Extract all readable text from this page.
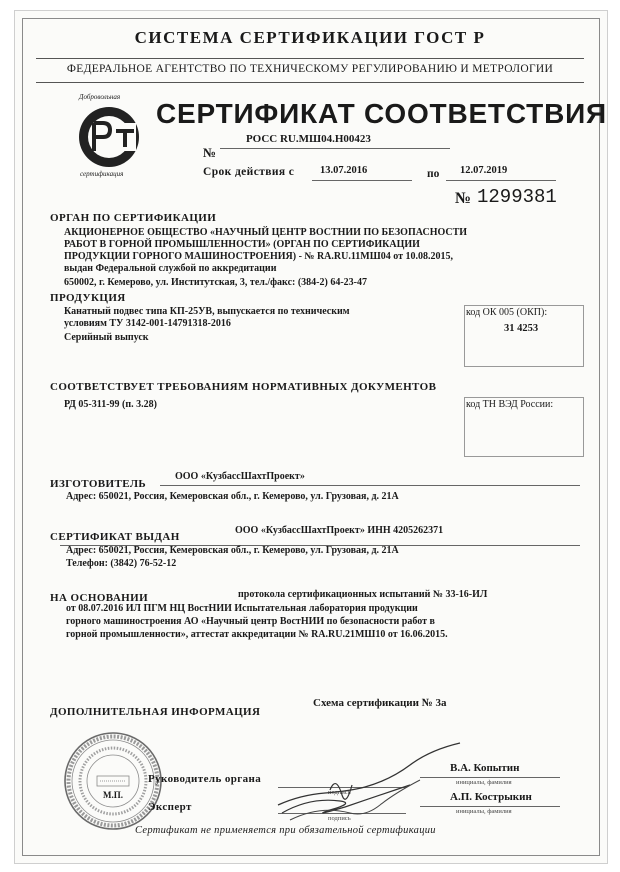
СИСТЕМА СЕРТИФИКАЦИИ ГОСТ Р
ФЕДЕРАЛЬНОЕ АГЕНТСТВО ПО ТЕХНИЧЕСКОМУ РЕГУЛИРОВАНИЮ И МЕТРОЛОГИИ
Добровольная
сертификация
СЕРТИФИКАТ СООТВЕТСТВИЯ
№
РОСС RU.МШ04.Н00423
Срок действия с 13.07.2016	по 12.07.2019
№ 1299381
ОРГАН ПО СЕРТИФИКАЦИИ
АКЦИОНЕРНОЕ ОБЩЕСТВО «НАУЧНЫЙ ЦЕНТР ВОСТНИИ ПО БЕЗОПАСНОСТИ
РАБОТ В ГОРНОЙ ПРОМЫШЛЕННОСТИ» (ОРГАН ПО СЕРТИФИКАЦИИ
ПРОДУКЦИИ ГОРНОГО МАШИНОСТРОЕНИЯ) - № RA.RU.11МШ04 от 10.08.2015,
выдан Федеральной службой по аккредитации
650002, г. Кемерово, ул. Институтская, 3, тел./факс: (384-2) 64-23-47
ПРОДУКЦИЯ
Канатный подвес типа КП-25УВ, выпускается по техническим
условиям ТУ 3142-001-14791318-2016
Серийный выпуск
код ОК 005 (ОКП):
31 4253
СООТВЕТСТВУЕТ ТРЕБОВАНИЯМ НОРМАТИВНЫХ ДОКУМЕНТОВ
РД 05-311-99 (п. 3.28)	код ТН ВЭД России:
ИЗГОТОВИТЕЛЬ
ООО «КузбассШахтПроект»
Адрес: 650021, Россия, Кемеровская обл., г. Кемерово, ул. Грузовая, д. 21А
ООО «КузбассШахтПроект» ИНН 4205262371
СЕРТИФИКАТ ВЫДАН
Адрес: 650021, Россия, Кемеровская обл., г. Кемерово, ул. Грузовая, д. 21А
Телефон: (3842) 76-52-12
НА ОСНОВАНИИ	протокола сертификационных испытаний № 33-16-ИЛ
от 08.07.2016 ИЛ ПГМ НЦ ВостНИИ Испытательная лаборатория продукции
горного машиностроения АО «Научный центр ВостНИИ по безопасности работ в
горной промышленности», аттестат аккредитации № RA.RU.21МШ10 от 16.06.2015.
ДОПОЛНИТЕЛЬНАЯ ИНФОРМАЦИЯ
Схема сертификации № 3а
М.П.
Руководитель органа
подпись
В.А. Копытин
инициалы, фамилия
Эксперт
подпись
А.П. Кострыкин
инициалы, фамилия
Сертификат не применяется при обязательной сертификации
